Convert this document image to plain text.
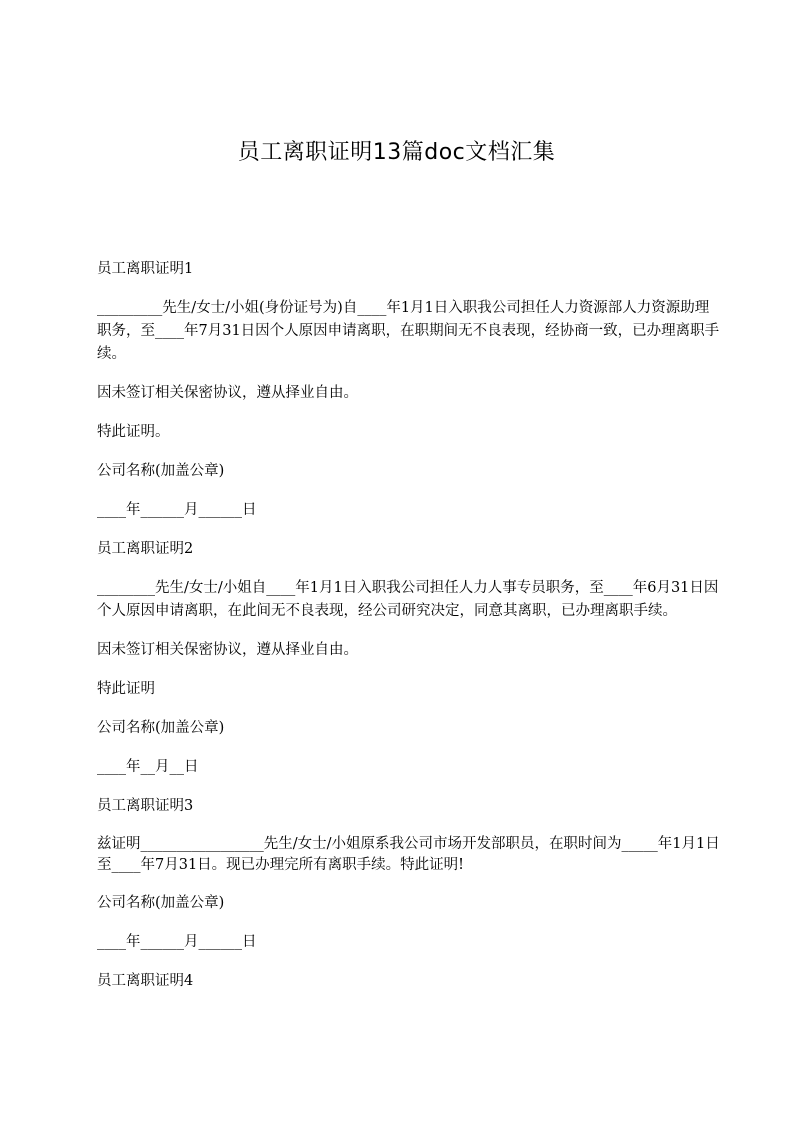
员工离职证明13篇doc文档汇集

员工离职证明1

_________先生/女士/小姐(身份证号为)自____年1月1日入职我公司担任人力资源部人力资源助理职务，至____年7月31日因个人原因申请离职，在职期间无不良表现，经协商一致，已办理离职手续。

因未签订相关保密协议，遵从择业自由。

特此证明。

公司名称(加盖公章)

____年______月______日

员工离职证明2

________先生/女士/小姐自____年1月1日入职我公司担任人力人事专员职务，至____年6月31日因个人原因申请离职，在此间无不良表现，经公司研究决定，同意其离职，已办理离职手续。

因未签订相关保密协议，遵从择业自由。

特此证明

公司名称(加盖公章)

____年__月__日

员工离职证明3

兹证明_________________先生/女士/小姐原系我公司市场开发部职员，在职时间为_____年1月1日至____年7月31日。现已办理完所有离职手续。特此证明!

公司名称(加盖公章)

____年______月______日

员工离职证明4
